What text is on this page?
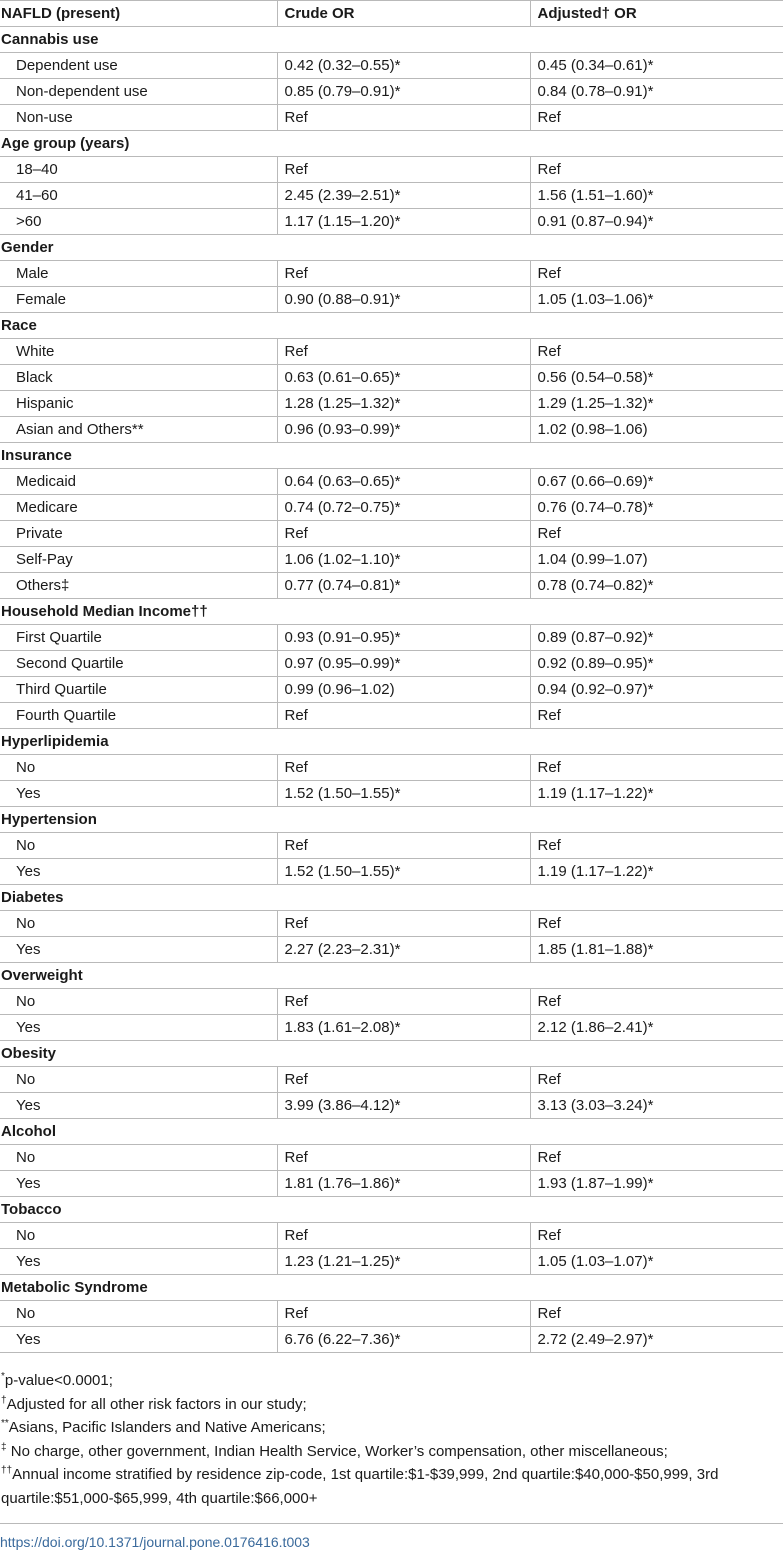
NAFLD (present)	Crude OR	Adjusted† OR
Cannabis use		
Dependent use	0.42 (0.32–0.55)*	0.45 (0.34–0.61)*
Non-dependent use	0.85 (0.79–0.91)*	0.84 (0.78–0.91)*
Non-use	Ref	Ref
Age group (years)		
18–40	Ref	Ref
41–60	2.45 (2.39–2.51)*	1.56 (1.51–1.60)*
>60	1.17 (1.15–1.20)*	0.91 (0.87–0.94)*
Gender		
Male	Ref	Ref
Female	0.90 (0.88–0.91)*	1.05 (1.03–1.06)*
Race		
White	Ref	Ref
Black	0.63 (0.61–0.65)*	0.56 (0.54–0.58)*
Hispanic	1.28 (1.25–1.32)*	1.29 (1.25–1.32)*
Asian and Others**	0.96 (0.93–0.99)*	1.02 (0.98–1.06)
Insurance		
Medicaid	0.64 (0.63–0.65)*	0.67 (0.66–0.69)*
Medicare	0.74 (0.72–0.75)*	0.76 (0.74–0.78)*
Private	Ref	Ref
Self-Pay	1.06 (1.02–1.10)*	1.04 (0.99–1.07)
Others‡	0.77 (0.74–0.81)*	0.78 (0.74–0.82)*
Household Median Income††		
First Quartile	0.93 (0.91–0.95)*	0.89 (0.87–0.92)*
Second Quartile	0.97 (0.95–0.99)*	0.92 (0.89–0.95)*
Third Quartile	0.99 (0.96–1.02)	0.94 (0.92–0.97)*
Fourth Quartile	Ref	Ref
Hyperlipidemia		
No	Ref	Ref
Yes	1.52 (1.50–1.55)*	1.19 (1.17–1.22)*
Hypertension		
No	Ref	Ref
Yes	1.52 (1.50–1.55)*	1.19 (1.17–1.22)*
Diabetes		
No	Ref	Ref
Yes	2.27 (2.23–2.31)*	1.85 (1.81–1.88)*
Overweight		
No	Ref	Ref
Yes	1.83 (1.61–2.08)*	2.12 (1.86–2.41)*
Obesity		
No	Ref	Ref
Yes	3.99 (3.86–4.12)*	3.13 (3.03–3.24)*
Alcohol		
No	Ref	Ref
Yes	1.81 (1.76–1.86)*	1.93 (1.87–1.99)*
Tobacco		
No	Ref	Ref
Yes	1.23 (1.21–1.25)*	1.05 (1.03–1.07)*
Metabolic Syndrome		
No	Ref	Ref
Yes	6.76 (6.22–7.36)*	2.72 (2.49–2.97)*
*p-value<0.0001;
†Adjusted for all other risk factors in our study;
**Asians, Pacific Islanders and Native Americans;
‡ No charge, other government, Indian Health Service, Worker’s compensation, other miscellaneous;
††Annual income stratified by residence zip-code, 1st quartile:$1-$39,999, 2nd quartile:$40,000-$50,999, 3rd quartile:$51,000-$65,999, 4th quartile:$66,000+
https://doi.org/10.1371/journal.pone.0176416.t003
